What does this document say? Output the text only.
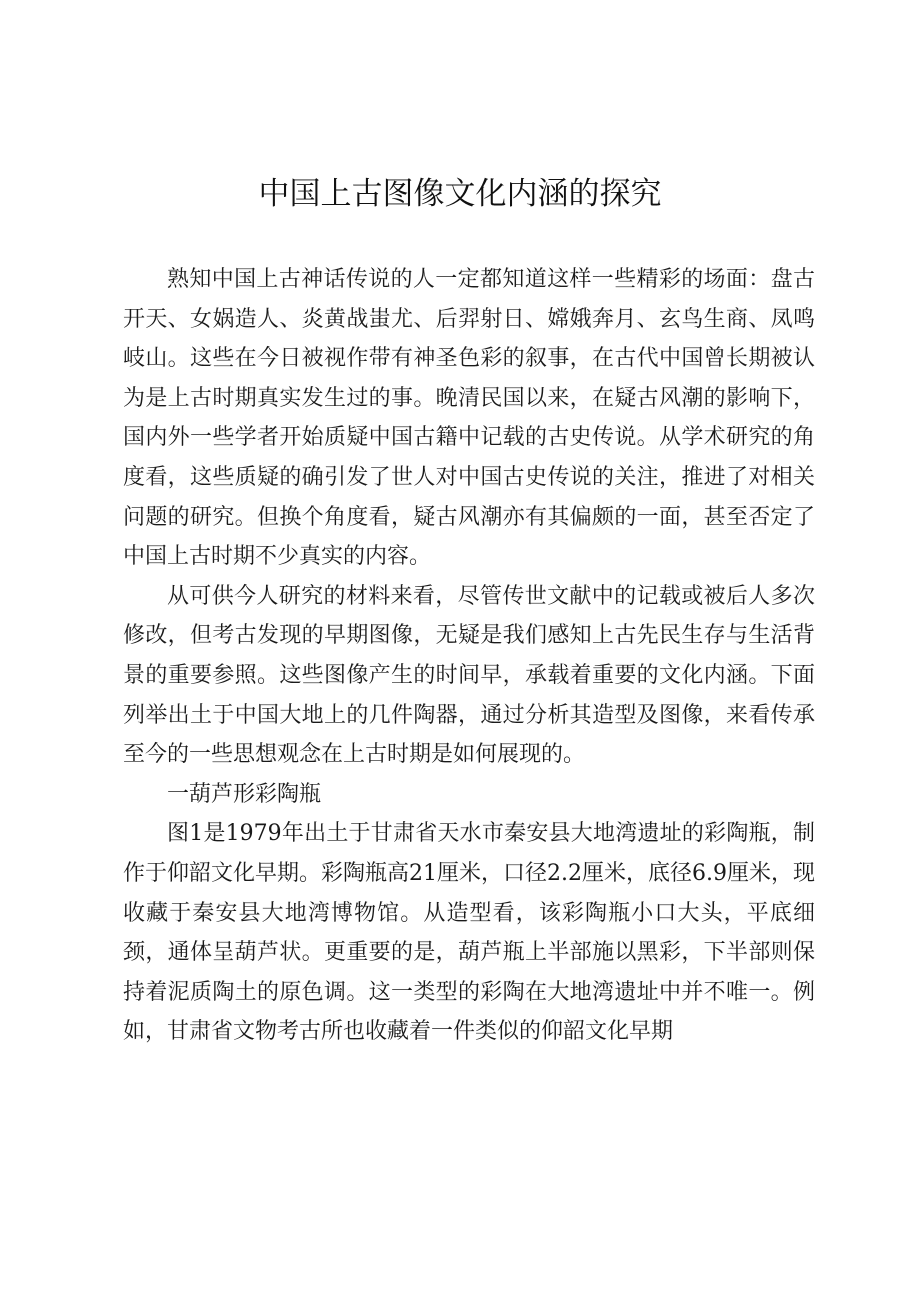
中国上古图像文化内涵的探究

熟知中国上古神话传说的人一定都知道这样一些精彩的场面：盘古开天、女娲造人、炎黄战蚩尤、后羿射日、嫦娥奔月、玄鸟生商、凤鸣岐山。这些在今日被视作带有神圣色彩的叙事，在古代中国曾长期被认为是上古时期真实发生过的事。晚清民国以来，在疑古风潮的影响下，国内外一些学者开始质疑中国古籍中记载的古史传说。从学术研究的角度看，这些质疑的确引发了世人对中国古史传说的关注，推进了对相关问题的研究。但换个角度看，疑古风潮亦有其偏颇的一面，甚至否定了中国上古时期不少真实的内容。

从可供今人研究的材料来看，尽管传世文献中的记载或被后人多次修改，但考古发现的早期图像，无疑是我们感知上古先民生存与生活背景的重要参照。这些图像产生的时间早，承载着重要的文化内涵。下面列举出土于中国大地上的几件陶器，通过分析其造型及图像，来看传承至今的一些思想观念在上古时期是如何展现的。

一葫芦形彩陶瓶

图1是1979年出土于甘肃省天水市秦安县大地湾遗址的彩陶瓶，制作于仰韶文化早期。彩陶瓶高21厘米，口径2.2厘米，底径6.9厘米，现收藏于秦安县大地湾博物馆。从造型看，该彩陶瓶小口大头，平底细颈，通体呈葫芦状。更重要的是，葫芦瓶上半部施以黑彩，下半部则保持着泥质陶土的原色调。这一类型的彩陶在大地湾遗址中并不唯一。例如，甘肃省文物考古所也收藏着一件类似的仰韶文化早期
